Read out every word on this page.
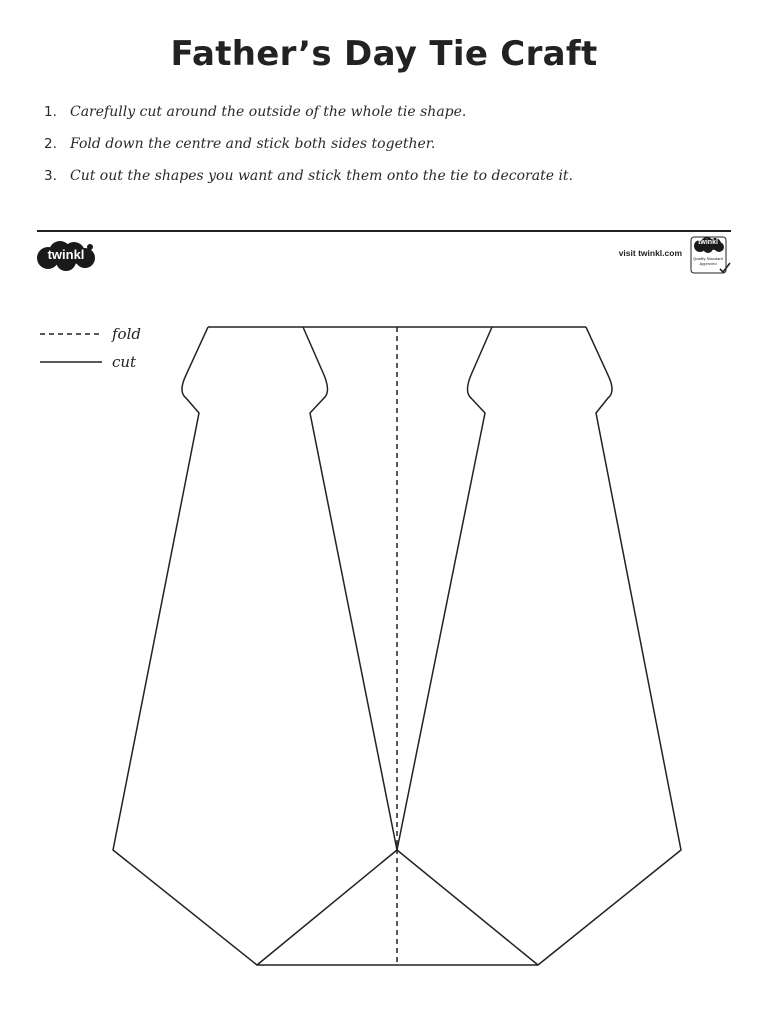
Father’s Day Tie Craft
1. Carefully cut around the outside of the whole tie shape.
2. Fold down the centre and stick both sides together.
3. Cut out the shapes you want and stick them onto the tie to decorate it.
twinkl	visit twinkl.com
twinkl
Quality Standard Approved
fold
cut
